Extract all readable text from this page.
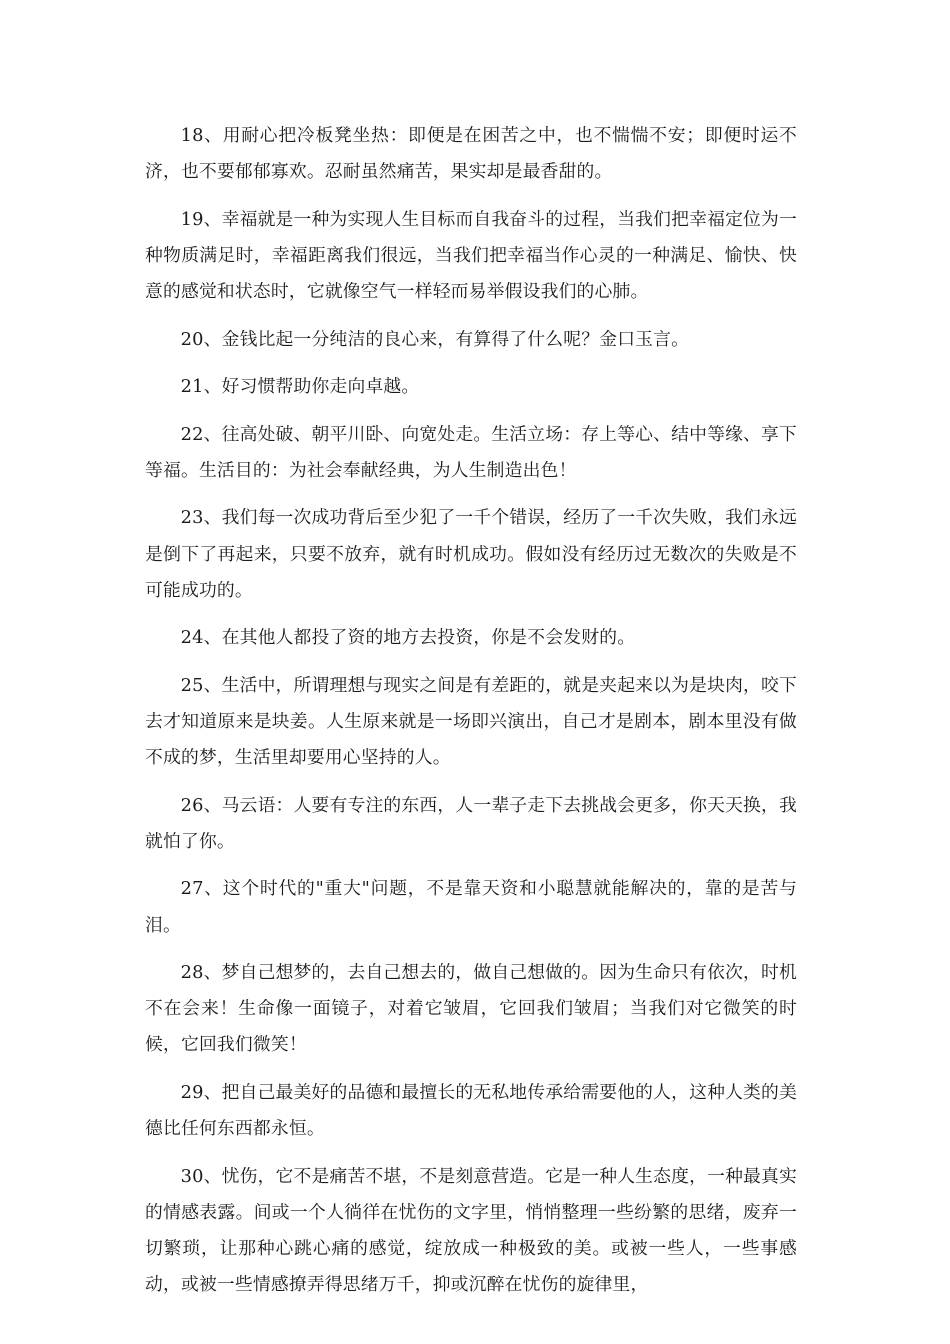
18、用耐心把冷板凳坐热：即便是在困苦之中，也不惴惴不安；即便时运不济，也不要郁郁寡欢。忍耐虽然痛苦，果实却是最香甜的。

19、幸福就是一种为实现人生目标而自我奋斗的过程，当我们把幸福定位为一种物质满足时，幸福距离我们很远，当我们把幸福当作心灵的一种满足、愉快、快意的感觉和状态时，它就像空气一样轻而易举假设我们的心肺。

20、金钱比起一分纯洁的良心来，有算得了什么呢？金口玉言。

21、好习惯帮助你走向卓越。

22、往高处破、朝平川卧、向宽处走。生活立场：存上等心、结中等缘、享下等福。生活目的：为社会奉献经典，为人生制造出色！

23、我们每一次成功背后至少犯了一千个错误，经历了一千次失败，我们永远是倒下了再起来，只要不放弃，就有时机成功。假如没有经历过无数次的失败是不可能成功的。

24、在其他人都投了资的地方去投资，你是不会发财的。

25、生活中，所谓理想与现实之间是有差距的，就是夹起来以为是块肉，咬下去才知道原来是块姜。人生原来就是一场即兴演出，自己才是剧本，剧本里没有做不成的梦，生活里却要用心坚持的人。

26、马云语：人要有专注的东西，人一辈子走下去挑战会更多，你天天换，我就怕了你。

27、这个时代的"重大"问题，不是靠天资和小聪慧就能解决的，靠的是苦与泪。

28、梦自己想梦的，去自己想去的，做自己想做的。因为生命只有依次，时机不在会来！生命像一面镜子，对着它皱眉，它回我们皱眉；当我们对它微笑的时候，它回我们微笑！

29、把自己最美好的品德和最擅长的无私地传承给需要他的人，这种人类的美德比任何东西都永恒。

30、忧伤，它不是痛苦不堪，不是刻意营造。它是一种人生态度，一种最真实的情感表露。间或一个人徜徉在忧伤的文字里，悄悄整理一些纷繁的思绪，废弃一切繁琐，让那种心跳心痛的感觉，绽放成一种极致的美。或被一些人，一些事感动，或被一些情感撩弄得思绪万千，抑或沉醉在忧伤的旋律里，
